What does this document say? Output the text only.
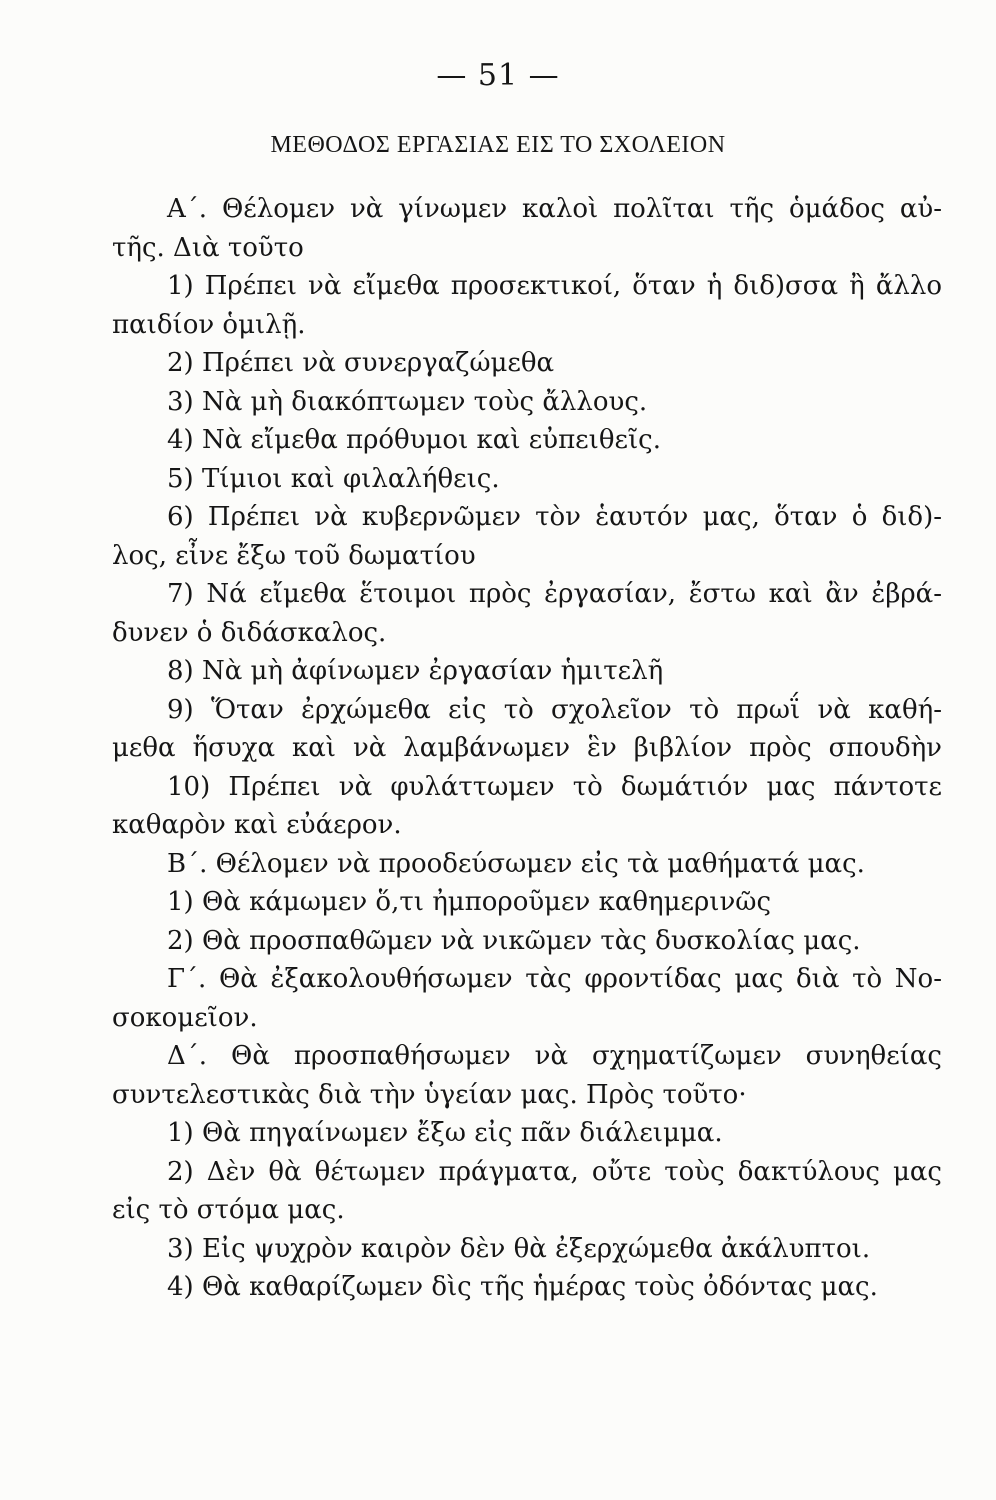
— 51 —
ΜΕΘΟΔΟΣ ΕΡΓΑΣΙΑΣ ΕΙΣ ΤΟ ΣΧΟΛΕΙΟΝ
Α΄. Θέλομεν νὰ γίνωμεν καλοὶ πολῖται τῆς ὁμάδος αὐ-
τῆς. Διὰ τοῦτο
1) Πρέπει νὰ εἴμεθα προσεκτικοί, ὅταν ἡ διδ)σσα ἢ ἄλλο
παιδίον ὁμιλῇ.
2) Πρέπει νὰ συνεργαζώμεθα
3) Νὰ μὴ διακόπτωμεν τοὺς ἄλλους.
4) Νὰ εἴμεθα πρόθυμοι καὶ εὐπειθεῖς.
5) Τίμιοι καὶ φιλαλήθεις.
6) Πρέπει νὰ κυβερνῶμεν τὸν ἑαυτόν μας, ὅταν ὁ διδ)-
λος, εἶνε ἔξω τοῦ δωματίου
7) Νά εἴμεθα ἕτοιμοι πρὸς ἐργασίαν, ἔστω καὶ ἂν ἐβρά-
δυνεν ὁ διδάσκαλος.
8) Νὰ μὴ ἀφίνωμεν ἐργασίαν ἡμιτελῆ
9) Ὅταν ἐρχώμεθα εἰς τὸ σχολεῖον τὸ πρωΐ νὰ καθή-
μεθα ἥσυχα καὶ νὰ λαμβάνωμεν ἓν βιβλίον πρὸς σπουδὴν
10) Πρέπει νὰ φυλάττωμεν τὸ δωμάτιόν μας πάντοτε
καθαρὸν καὶ εὐάερον.
Β΄. Θέλομεν νὰ προοδεύσωμεν εἰς τὰ μαθήματά μας.
1) Θὰ κάμωμεν ὅ,τι ἠμποροῦμεν καθημερινῶς
2) Θὰ προσπαθῶμεν νὰ νικῶμεν τὰς δυσκολίας μας.
Γ΄. Θὰ ἐξακολουθήσωμεν τὰς φροντίδας μας διὰ τὸ Νο-
σοκομεῖον.
Δ΄. Θὰ προσπαθήσωμεν νὰ σχηματίζωμεν συνηθείας
συντελεστικὰς διὰ τὴν ὑγείαν μας. Πρὸς τοῦτο·
1) Θὰ πηγαίνωμεν ἔξω εἰς πᾶν διάλειμμα.
2) Δὲν θὰ θέτωμεν πράγματα, οὔτε τοὺς δακτύλους μας
εἰς τὸ στόμα μας.
3) Εἰς ψυχρὸν καιρὸν δὲν θὰ ἐξερχώμεθα ἀκάλυπτοι.
4) Θὰ καθαρίζωμεν δὶς τῆς ἡμέρας τοὺς ὀδόντας μας.
